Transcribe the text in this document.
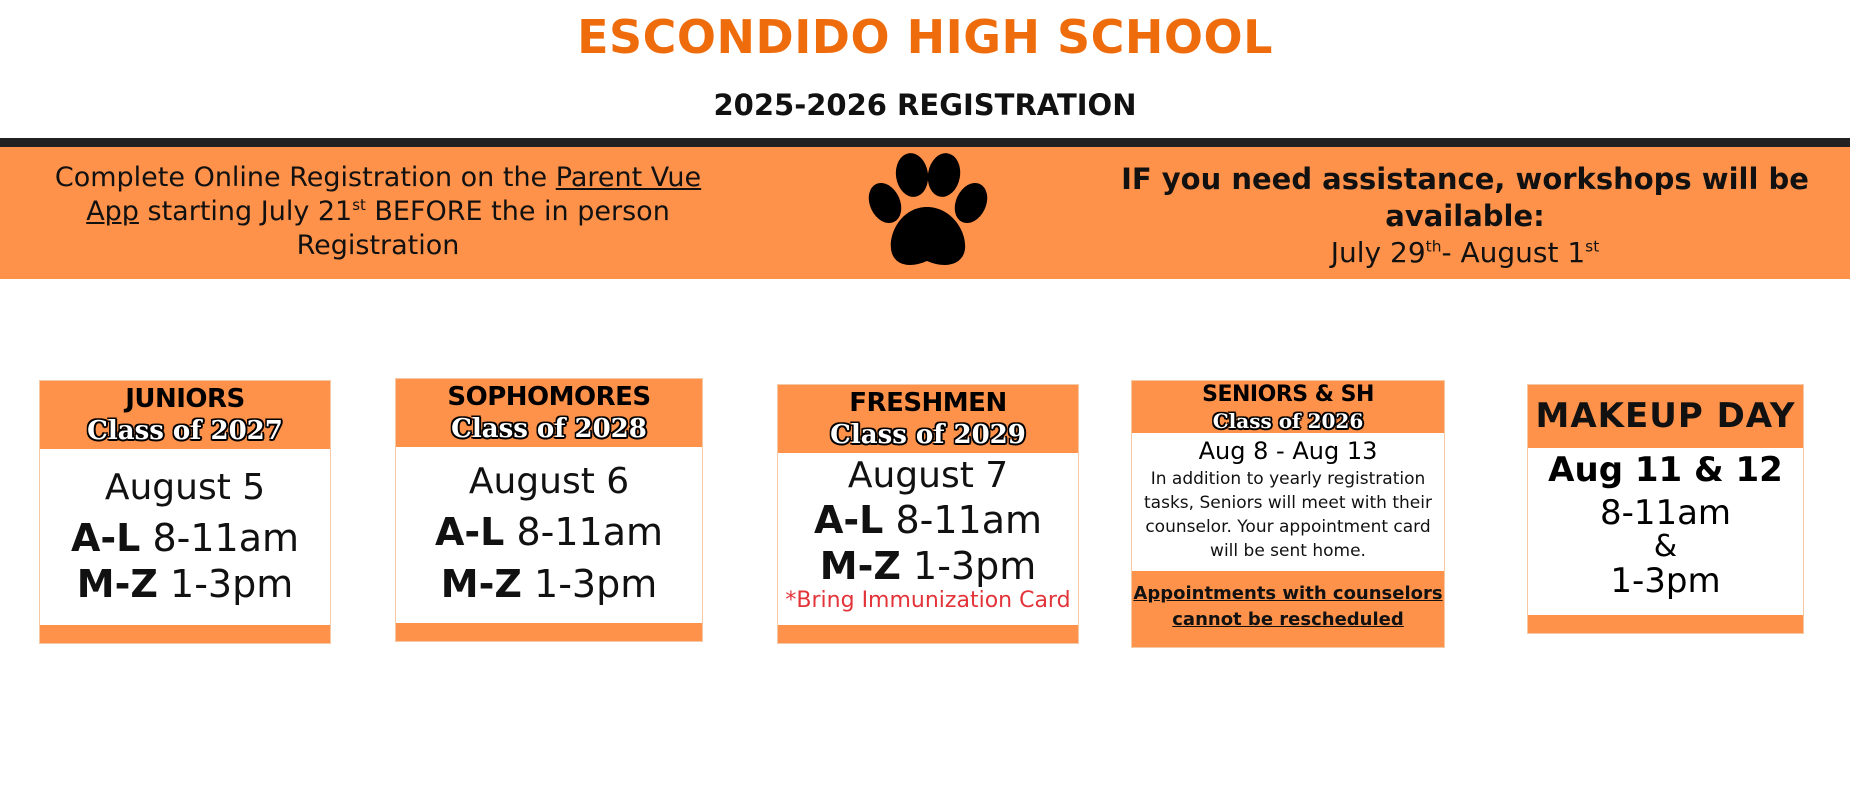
ESCONDIDO HIGH SCHOOL
2025-2026 REGISTRATION
Complete Online Registration on the Parent Vue
App starting July 21st BEFORE the in person
Registration
IF you need assistance, workshops will be available:
July 29th- August 1st
JUNIORS
Class of 2027
August 5
A-L 8-11am
M-Z 1-3pm
SOPHOMORES
Class of 2028
August 6
A-L 8-11am
M-Z 1-3pm
FRESHMEN
Class of 2029
August 7
A-L 8-11am
M-Z 1-3pm
*Bring Immunization Card
SENIORS & SH
Class of 2026
Aug 8 - Aug 13
In addition to yearly registration tasks, Seniors will meet with their counselor. Your appointment card will be sent home.
Appointments with counselors cannot be rescheduled
MAKEUP DAY
Aug 11 & 12
8-11am
&
1-3pm
